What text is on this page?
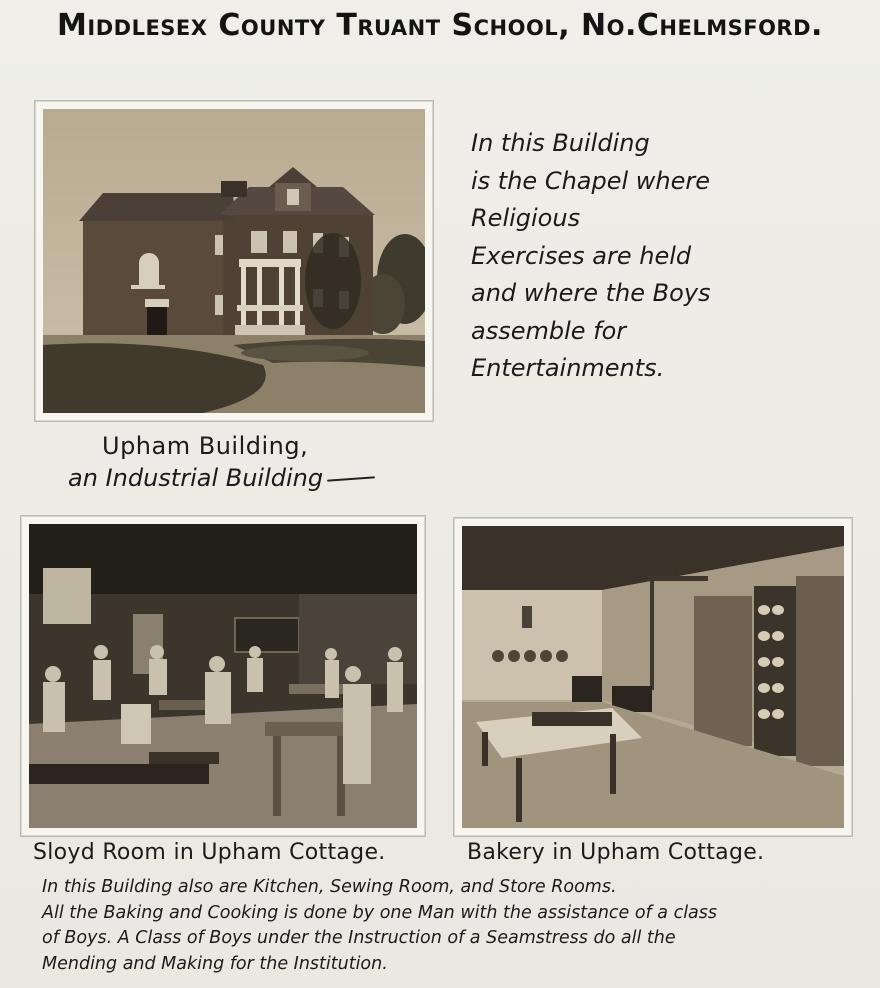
Middlesex County Truant School, No.Chelmsford.
In this Building
is the Chapel where
Religious
Exercises are held
and where the Boys
assemble for
Entertainments.
Upham Building,
an Industrial Building
Sloyd Room in Upham Cottage.	Bakery in Upham Cottage.
In this Building also are Kitchen, Sewing Room, and Store Rooms.
All the Baking and Cooking is done by one Man with the assistance of a class
of Boys. A Class of Boys under the Instruction of a Seamstress do all the
Mending and Making for the Institution.
